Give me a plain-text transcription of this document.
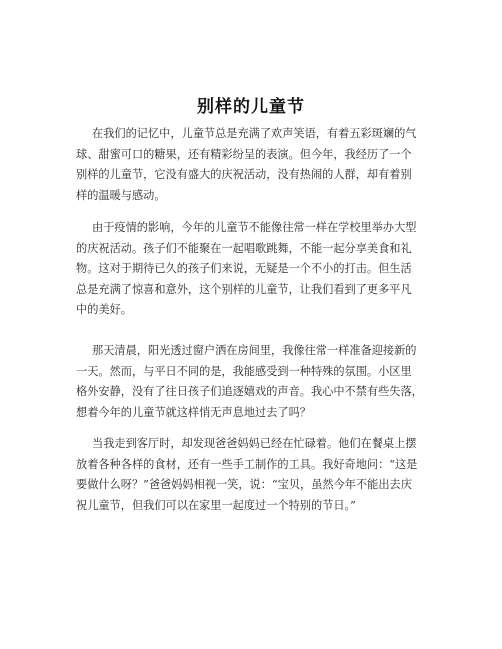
别样的儿童节
在我们的记忆中，儿童节总是充满了欢声笑语，有着五彩斑斓的气
球、甜蜜可口的糖果，还有精彩纷呈的表演。但今年，我经历了一个
别样的儿童节，它没有盛大的庆祝活动，没有热闹的人群，却有着别
样的温暖与感动。
由于疫情的影响，今年的儿童节不能像往常一样在学校里举办大型
的庆祝活动。孩子们不能聚在一起唱歌跳舞，不能一起分享美食和礼
物。这对于期待已久的孩子们来说，无疑是一个不小的打击。但生活
总是充满了惊喜和意外，这个别样的儿童节，让我们看到了更多平凡
中的美好。
那天清晨，阳光透过窗户洒在房间里，我像往常一样准备迎接新的
一天。然而，与平日不同的是，我能感受到一种特殊的氛围。小区里
格外安静，没有了往日孩子们追逐嬉戏的声音。我心中不禁有些失落，
想着今年的儿童节就这样悄无声息地过去了吗？
当我走到客厅时，却发现爸爸妈妈已经在忙碌着。他们在餐桌上摆
放着各种各样的食材，还有一些手工制作的工具。我好奇地问：“这是
要做什么呀？”爸爸妈妈相视一笑，说：“宝贝，虽然今年不能出去庆
祝儿童节，但我们可以在家里一起度过一个特别的节日。”
